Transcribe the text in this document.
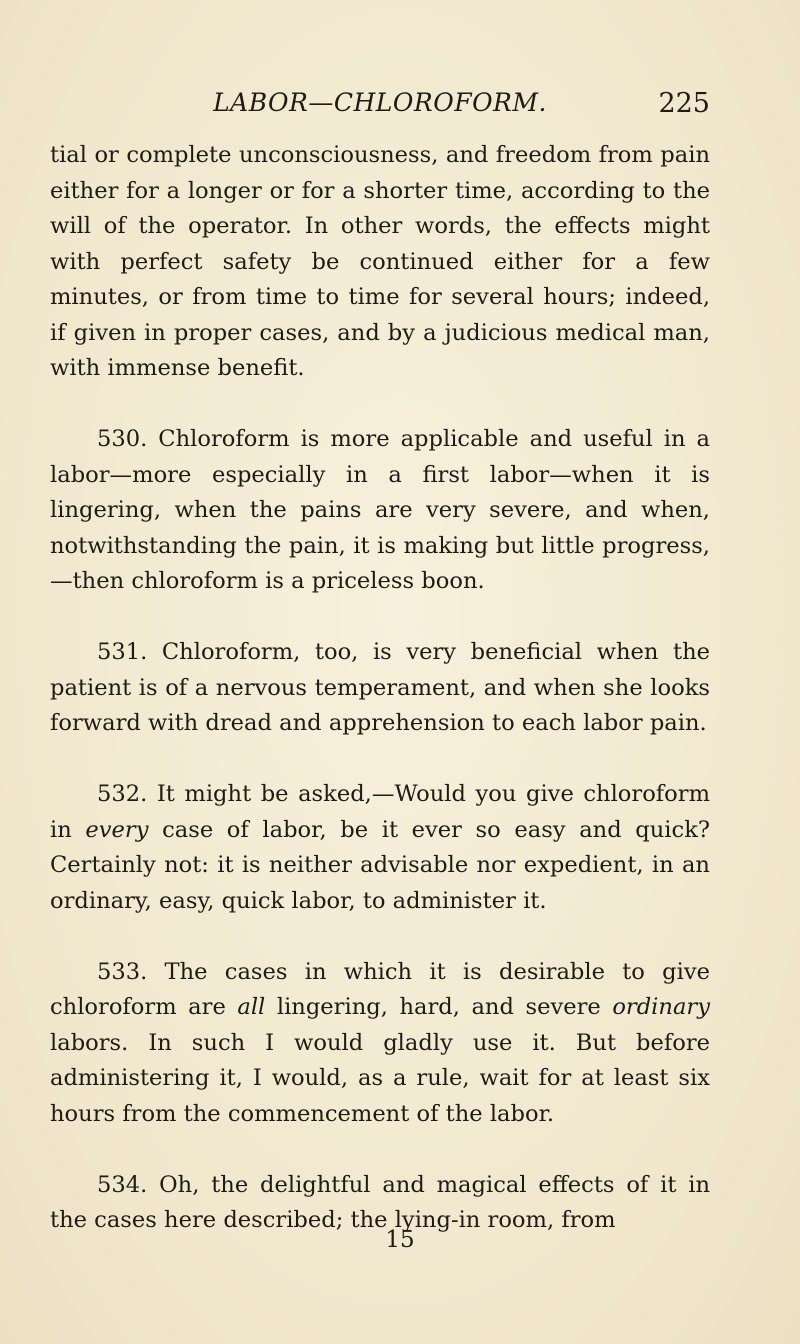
LABOR—CHLOROFORM.	225

tial or complete unconsciousness, and freedom from pain either for a longer or for a shorter time, according to the will of the operator. In other words, the effects might with perfect safety be continued either for a few minutes, or from time to time for several hours; indeed, if given in proper cases, and by a judicious medical man, with immense benefit.

530. Chloroform is more applicable and useful in a labor—more especially in a first labor—when it is lingering, when the pains are very severe, and when, notwithstanding the pain, it is making but little progress,—then chloroform is a priceless boon.

531. Chloroform, too, is very beneficial when the patient is of a nervous temperament, and when she looks forward with dread and apprehension to each labor pain.

532. It might be asked,—Would you give chloroform in every case of labor, be it ever so easy and quick? Certainly not: it is neither advisable nor expedient, in an ordinary, easy, quick labor, to administer it.

533. The cases in which it is desirable to give chloroform are all lingering, hard, and severe ordinary labors. In such I would gladly use it. But before administering it, I would, as a rule, wait for at least six hours from the commencement of the labor.

534. Oh, the delightful and magical effects of it in the cases here described; the lying-in room, from

15
